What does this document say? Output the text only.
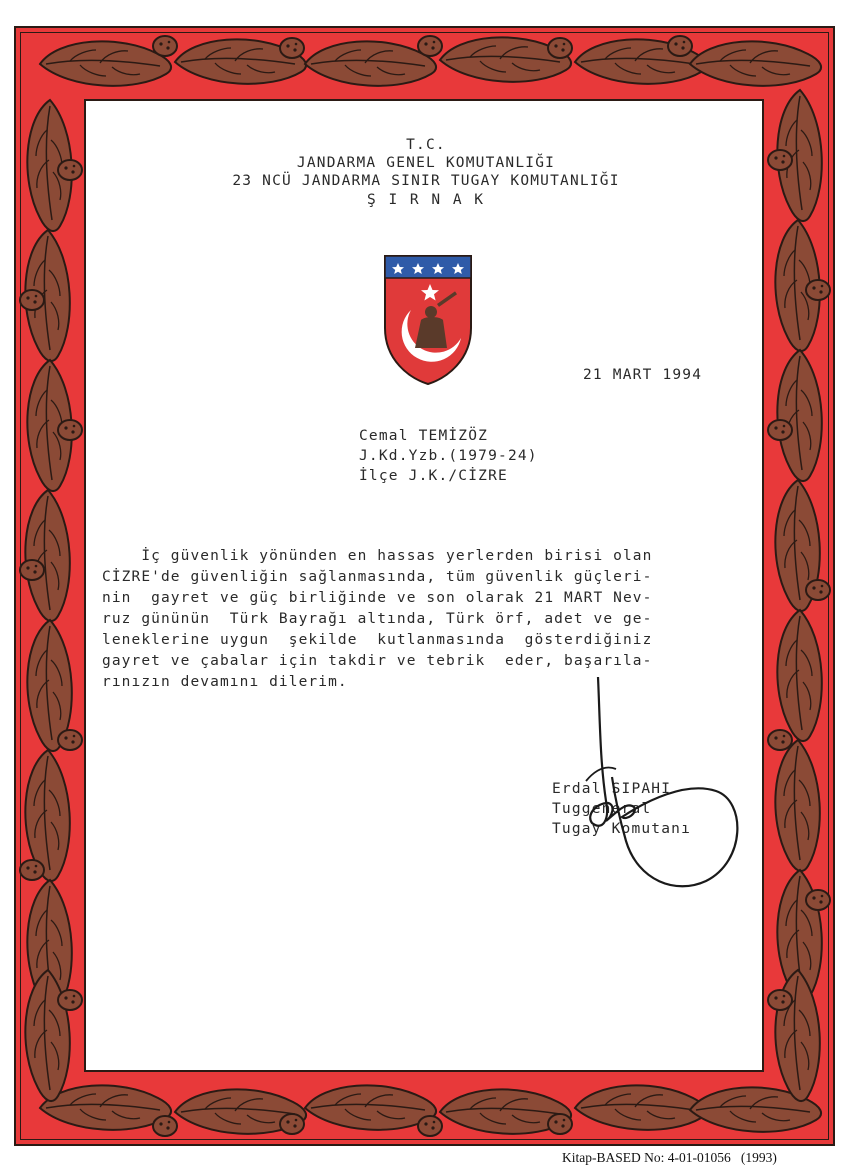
T.C.
JANDARMA GENEL KOMUTANLIĞI
23 NCÜ JANDARMA SINIR TUGAY KOMUTANLIĞI
Ş I R N A K
21 MART 1994
Cemal TEMİZÖZ
J.Kd.Yzb.(1979-24)
İlçe J.K./CİZRE
İç güvenlik yönünden en hassas yerlerden birisi olan
CİZRE'de güvenliğin sağlanmasında, tüm güvenlik güçleri-
nin  gayret ve güç birliğinde ve son olarak 21 MART Nev-
ruz gününün  Türk Bayrağı altında, Türk örf, adet ve ge-
leneklerine uygun  şekilde  kutlanmasında  gösterdiğiniz
gayret ve çabalar için takdir ve tebrik  eder, başarıla-
rınızın devamını dilerim.
Erdal SIPAHI
Tuggeneral
Tugay Komutanı
Kitap-BASED No: 4-01-01056   (1993)
